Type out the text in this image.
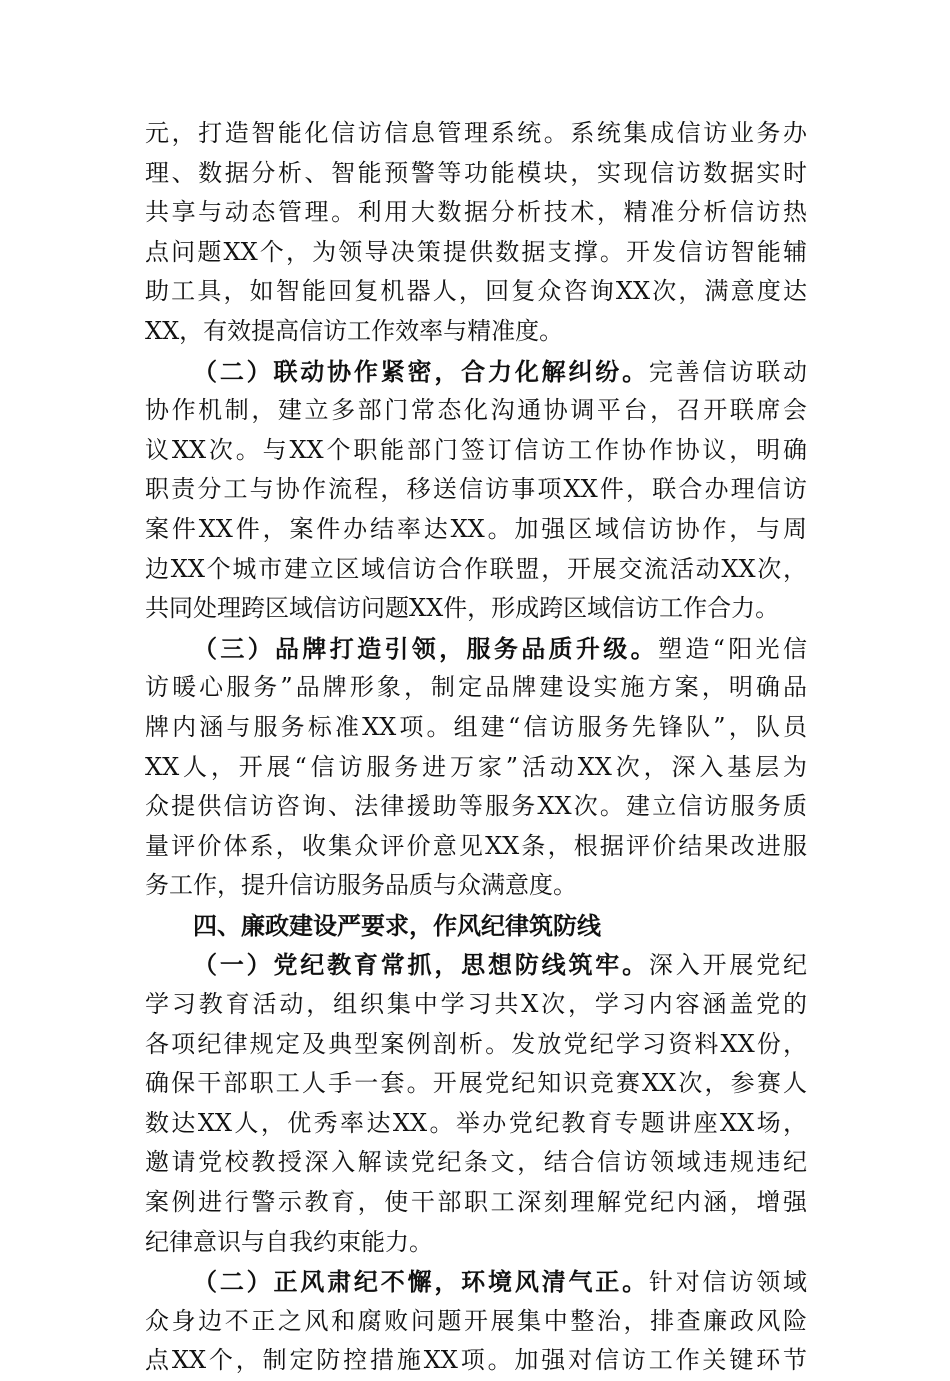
元，打造智能化信访信息管理系统。系统集成信访业务办
理、数据分析、智能预警等功能模块，实现信访数据实时
共享与动态管理。利用大数据分析技术，精准分析信访热
点问题XX个，为领导决策提供数据支撑。开发信访智能辅
助工具，如智能回复机器人，回复众咨询XX次，满意度达
XX，有效提高信访工作效率与精准度。
（二）联动协作紧密，合力化解纠纷。完善信访联动
协作机制，建立多部门常态化沟通协调平台，召开联席会
议XX次。与XX个职能部门签订信访工作协作协议，明确
职责分工与协作流程，移送信访事项XX件，联合办理信访
案件XX件，案件办结率达XX。加强区域信访协作，与周
边XX个城市建立区域信访合作联盟，开展交流活动XX次，
共同处理跨区域信访问题XX件，形成跨区域信访工作合力。
（三）品牌打造引领，服务品质升级。塑造“阳光信
访暖心服务”品牌形象，制定品牌建设实施方案，明确品
牌内涵与服务标准XX项。组建“信访服务先锋队”，队员
XX人，开展“信访服务进万家”活动XX次，深入基层为
众提供信访咨询、法律援助等服务XX次。建立信访服务质
量评价体系，收集众评价意见XX条，根据评价结果改进服
务工作，提升信访服务品质与众满意度。
四、廉政建设严要求，作风纪律筑防线
（一）党纪教育常抓，思想防线筑牢。深入开展党纪
学习教育活动，组织集中学习共X次，学习内容涵盖党的
各项纪律规定及典型案例剖析。发放党纪学习资料XX份，
确保干部职工人手一套。开展党纪知识竞赛XX次，参赛人
数达XX人，优秀率达XX。举办党纪教育专题讲座XX场，
邀请党校教授深入解读党纪条文，结合信访领域违规违纪
案例进行警示教育，使干部职工深刻理解党纪内涵，增强
纪律意识与自我约束能力。
（二）正风肃纪不懈，环境风清气正。针对信访领域
众身边不正之风和腐败问题开展集中整治，排查廉政风险
点XX个，制定防控措施XX项。加强对信访工作关键环节
